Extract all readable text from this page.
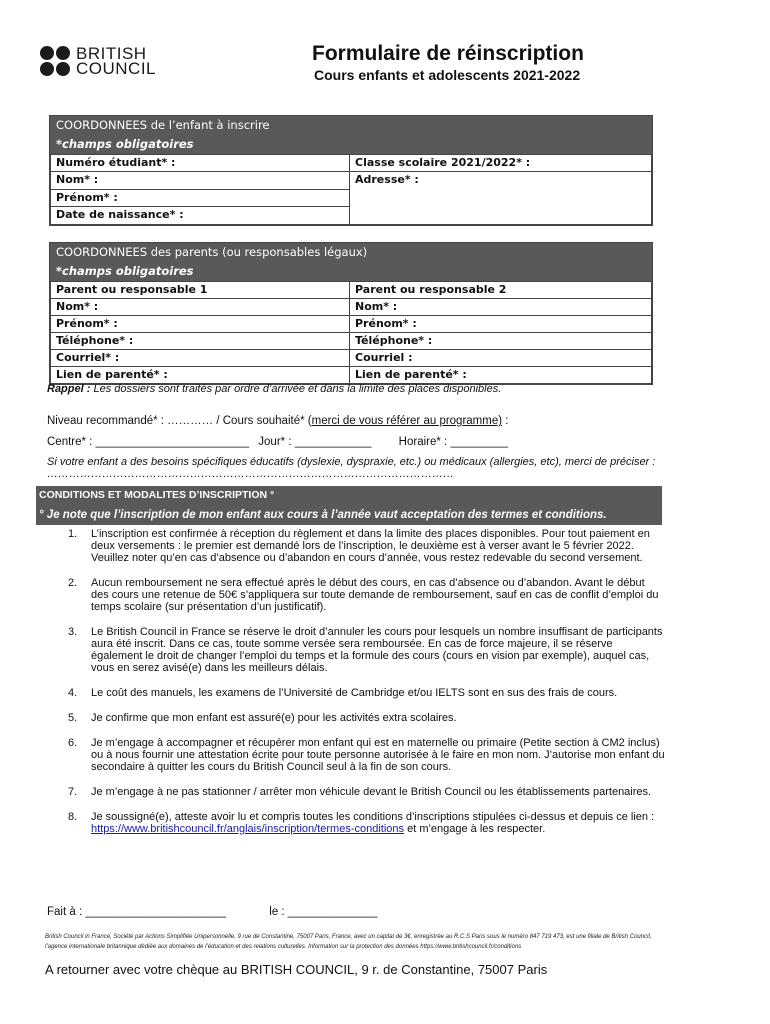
BRITISH
COUNCIL
Formulaire de réinscription
Cours enfants et adolescents 2021-2022
COORDONNEES de l’enfant à inscrire
*champs obligatoires
Numéro étudiant* :	Classe scolaire 2021/2022* :
Nom* :	Adresse* :
Prénom* :	
Date de naissance* :	
COORDONNEES des parents (ou responsables légaux)
*champs obligatoires
Parent ou responsable 1	Parent ou responsable 2
Nom* :	Nom* :
Prénom* :	Prénom* :
Téléphone* :	Téléphone* :
Courriel* :	Courriel :
Lien de parenté* :	Lien de parenté* :
Rappel : Les dossiers sont traités par ordre d’arrivée et dans la limite des places disponibles.
Niveau recommandé* : ………… / Cours souhaité* (merci de vous référer au programme) :
Centre* : ________________________ Jour* : ____________ Horaire* : _________
Si votre enfant a des besoins spécifiques éducatifs (dyslexie, dyspraxie, etc.) ou médicaux (allergies, etc), merci de préciser : …………………………………………………………………………………………………
CONDITIONS ET MODALITES D’INSCRIPTION °
° Je note que l’inscription de mon enfant aux cours à l’année vaut acceptation des termes et conditions.
1.	L’inscription est confirmée à réception du règlement et dans la limite des places disponibles. Pour tout paiement en deux versements : le premier est demandé lors de l’inscription, le deuxième est à verser avant le 5 février 2022. Veuillez noter qu’en cas d’absence ou d’abandon en cours d’année, vous restez redevable du second versement.
2.	Aucun remboursement ne sera effectué après le début des cours, en cas d’absence ou d’abandon. Avant le début des cours une retenue de 50€ s’appliquera sur toute demande de remboursement, sauf en cas de conflit d’emploi du temps scolaire (sur présentation d’un justificatif).
3.	Le British Council in France se réserve le droit d’annuler les cours pour lesquels un nombre insuffisant de participants aura été inscrit. Dans ce cas, toute somme versée sera remboursée. En cas de force majeure, il se réserve également le droit de changer l’emploi du temps et la formule des cours (cours en vision par exemple), auquel cas, vous en serez avisé(e) dans les meilleurs délais.
4.	Le coût des manuels, les examens de l’Université de Cambridge et/ou IELTS sont en sus des frais de cours.
5.	Je confirme que mon enfant est assuré(e) pour les activités extra scolaires.
6.	Je m’engage à accompagner et récupérer mon enfant qui est en maternelle ou primaire (Petite section à CM2 inclus) ou à nous fournir une attestation écrite pour toute personne autorisée à le faire en mon nom. J’autorise mon enfant du secondaire à quitter les cours du British Council seul à la fin de son cours.
7.	Je m’engage à ne pas stationner / arrêter mon véhicule devant le British Council ou les établissements partenaires.
8.	Je soussigné(e), atteste avoir lu et compris toutes les conditions d’inscriptions stipulées ci-dessus et depuis ce lien : https://www.britishcouncil.fr/anglais/inscription/termes-conditions et m’engage à les respecter.
Fait à : ______________________	le : ______________
British Council in France, Société par Actions Simplifiée Unipersonnelle, 9 rue de Constantine, 75007 Paris, France, avec un capital de 3€, enregistrée au R.C.S Paris sous le numéro 847 719 473, est une filiale de British Council, l’agence internationale britannique dédiée aux domaines de l’éducation et des relations culturelles. Information sur la protection des données https://www.britishcouncil.fr/conditions
A retourner avec votre chèque au BRITISH COUNCIL, 9 r. de Constantine, 75007 Paris
